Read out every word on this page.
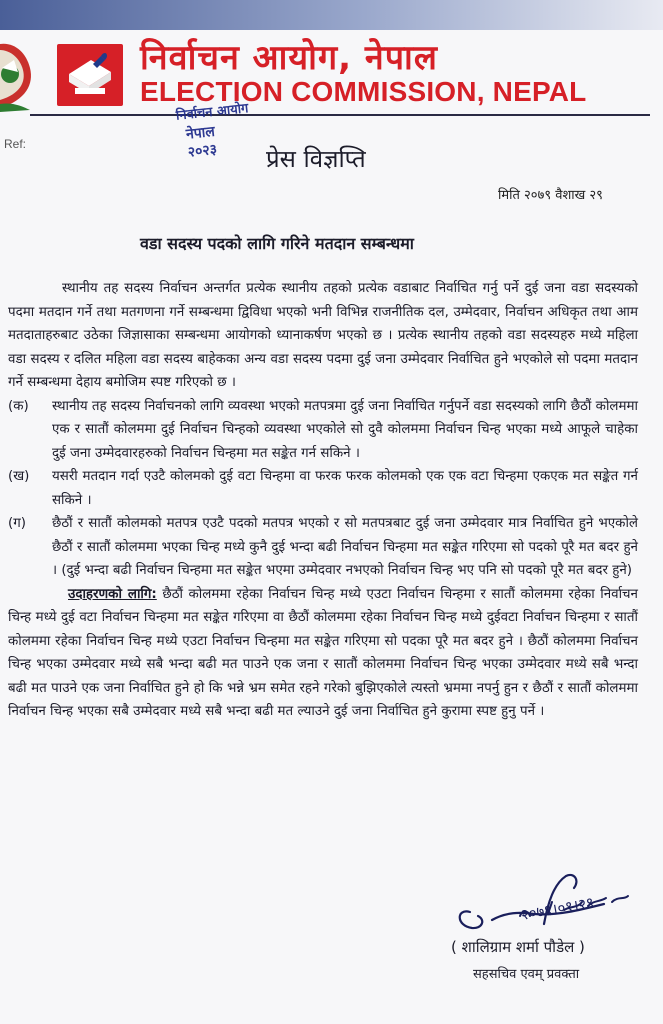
निर्वाचन आयोग, नेपाल
ELECTION COMMISSION, NEPAL
निर्वाचन आयोग
नेपाल
२०२३
Ref:
प्रेस विज्ञप्ति
मिति २०७९ वैशाख २९
वडा सदस्य पदको लागि गरिने मतदान सम्बन्धमा

स्थानीय तह सदस्य निर्वाचन अन्तर्गत प्रत्येक स्थानीय तहको प्रत्येक वडाबाट निर्वाचित गर्नु पर्ने दुई जना वडा सदस्यको पदमा मतदान गर्ने तथा मतगणना गर्ने सम्बन्धमा द्विविधा भएको भनी विभिन्न राजनीतिक दल, उम्मेदवार, निर्वाचन अधिकृत तथा आम मतदाताहरुबाट उठेका जिज्ञासाका सम्बन्धमा आयोगको ध्यानाकर्षण भएको छ । प्रत्येक स्थानीय तहको वडा सदस्यहरु मध्ये महिला वडा सदस्य र दलित महिला वडा सदस्य बाहेकका अन्य वडा सदस्य पदमा दुई जना उम्मेदवार निर्वाचित हुने भएकोले सो पदमा मतदान गर्ने सम्बन्धमा देहाय बमोजिम स्पष्ट गरिएको छ ।

(क)	स्थानीय तह सदस्य निर्वाचनको लागि व्यवस्था भएको मतपत्रमा दुई जना निर्वाचित गर्नुपर्ने वडा सदस्यको लागि छैठौं कोलममा एक र सातौं कोलममा दुई निर्वाचन चिन्हको व्यवस्था भएकोले सो दुवै कोलममा निर्वाचन चिन्ह भएका मध्ये आफूले चाहेका दुई जना उम्मेदवारहरुको निर्वाचन चिन्हमा मत सङ्केत गर्न सकिने ।
(ख)	यसरी मतदान गर्दा एउटै कोलमको दुई वटा चिन्हमा वा फरक फरक कोलमको एक एक वटा चिन्हमा एकएक मत सङ्केत गर्न सकिने ।
(ग)	छैठौं र सातौं कोलमको मतपत्र एउटै पदको मतपत्र भएको र सो मतपत्रबाट दुई जना उम्मेदवार मात्र निर्वाचित हुने भएकोले छैठौं र सातौं कोलममा भएका चिन्ह मध्ये कुनै दुई भन्दा बढी निर्वाचन चिन्हमा मत सङ्केत गरिएमा सो पदको पूरै मत बदर हुने । (दुई भन्दा बढी निर्वाचन चिन्हमा मत सङ्केत भएमा उम्मेदवार नभएको निर्वाचन चिन्ह भए पनि सो पदको पूरै मत बदर हुने)

उदाहरणको लागि: छैठौं कोलममा रहेका निर्वाचन चिन्ह मध्ये एउटा निर्वाचन चिन्हमा र सातौं कोलममा रहेका निर्वाचन चिन्ह मध्ये दुई वटा निर्वाचन चिन्हमा मत सङ्केत गरिएमा वा छैठौं कोलममा रहेका निर्वाचन चिन्ह मध्ये दुईवटा निर्वाचन चिन्हमा र सातौं कोलममा रहेका निर्वाचन चिन्ह मध्ये एउटा निर्वाचन चिन्हमा मत सङ्केत गरिएमा सो पदका पूरै मत बदर हुने । छैठौं कोलममा निर्वाचन चिन्ह भएका उम्मेदवार मध्ये सबै भन्दा बढी मत पाउने एक जना र सातौं कोलममा निर्वाचन चिन्ह भएका उम्मेदवार मध्ये सबै भन्दा बढी मत पाउने एक जना निर्वाचित हुने हो कि भन्ने भ्रम समेत रहने गरेको बुझिएकोले त्यस्तो भ्रममा नपर्नु हुन र छैठौं र सातौं कोलममा निर्वाचन चिन्ह भएका सबै उम्मेदवार मध्ये सबै भन्दा बढी मत ल्याउने दुई जना निर्वाचित हुने कुरामा स्पष्ट हुनु पर्ने ।

२०७९।०१।२९
( शालिग्राम शर्मा पौडेल )
सहसचिव एवम् प्रवक्ता
